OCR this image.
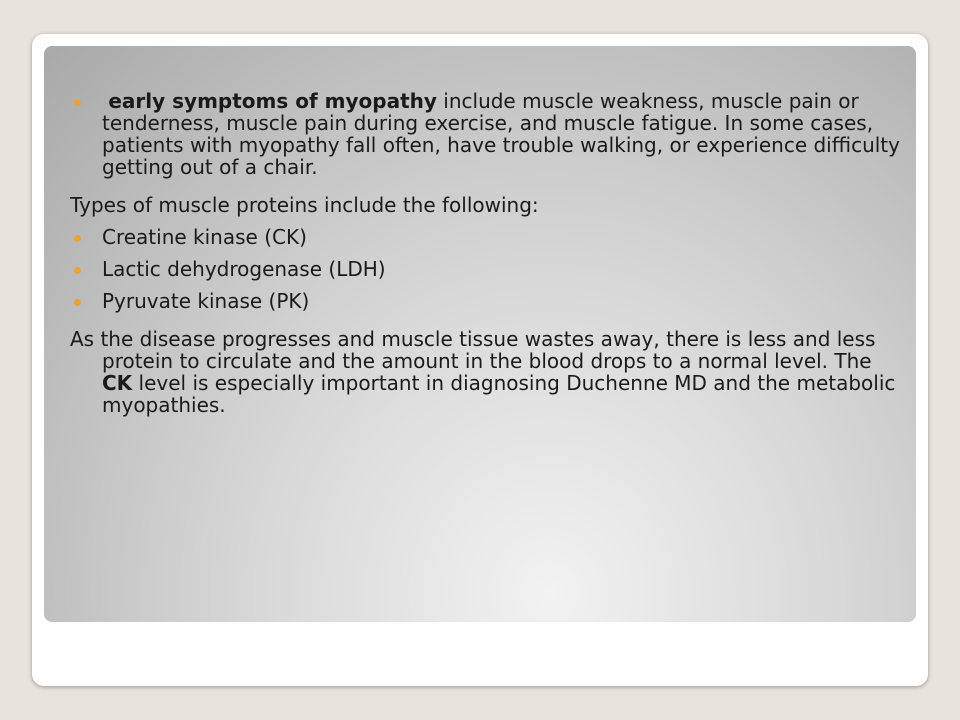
early symptoms of myopathy include muscle weakness, muscle pain or tenderness, muscle pain during exercise, and muscle fatigue. In some cases, patients with myopathy fall often, have trouble walking, or experience difficulty getting out of a chair.
Types of muscle proteins include the following:
Creatine kinase (CK)
Lactic dehydrogenase (LDH)
Pyruvate kinase (PK)
As the disease progresses and muscle tissue wastes away, there is less and less protein to circulate and the amount in the blood drops to a normal level. The CK level is especially important in diagnosing Duchenne MD and the metabolic myopathies.
